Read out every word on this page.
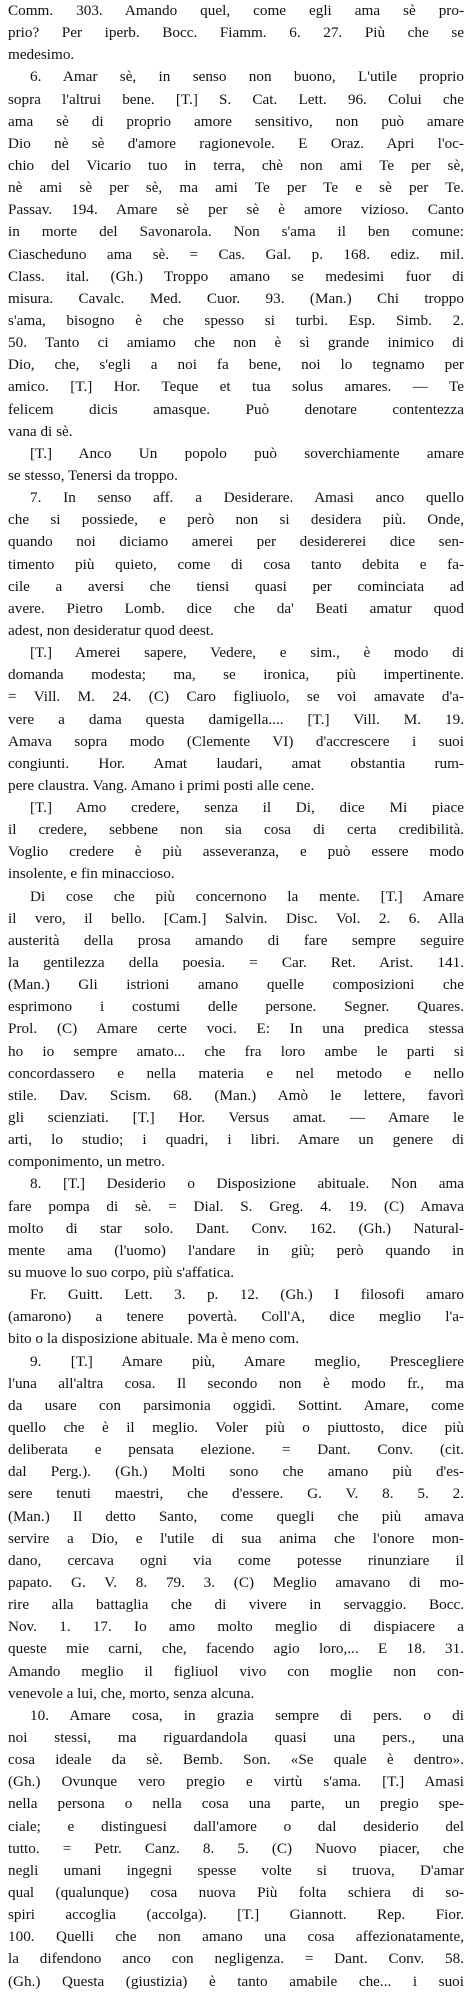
Comm. 303. Amando quel, come egli ama sè pro-
prio? Per iperb. Bocc. Fiamm. 6. 27. Più che se
medesimo.
6. Amar sè, in senso non buono, L'utile proprio
sopra l'altrui bene. [T.] S. Cat. Lett. 96. Colui che
ama sè di proprio amore sensitivo, non può amare
Dio nè sè d'amore ragionevole. E Oraz. Apri l'oc-
chio del Vicario tuo in terra, chè non ami Te per sè,
nè ami sè per sè, ma ami Te per Te e sè per Te.
Passav. 194. Amare sè per sè è amore vizioso. Canto
in morte del Savonarola. Non s'ama il ben comune:
Ciascheduno ama sè. = Cas. Gal. p. 168. ediz. mil.
Class. ital. (Gh.) Troppo amano se medesimi fuor di
misura. Cavalc. Med. Cuor. 93. (Man.) Chi troppo
s'ama, bisogno è che spesso si turbi. Esp. Simb. 2.
50. Tanto ci amiamo che non è sì grande inimico di
Dio, che, s'egli a noi fa bene, noi lo tegnamo per
amico. [T.] Hor. Teque et tua solus amares. — Te
felicem dicis amasque. Può denotare contentezza
vana di sè.
[T.] Anco Un popolo può soverchiamente amare
se stesso, Tenersi da troppo.
7. In senso aff. a Desiderare. Amasi anco quello
che si possiede, e però non si desidera più. Onde,
quando noi diciamo amerei per desidererei dice sen-
timento più quieto, come di cosa tanto debita e fa-
cile a aversi che tiensi quasi per cominciata ad
avere. Pietro Lomb. dice che da' Beati amatur quod
adest, non desideratur quod deest.
[T.] Amerei sapere, Vedere, e sim., è modo di
domanda modesta; ma, se ironica, più impertinente.
= Vill. M. 24. (C) Caro figliuolo, se voi amavate d'a-
vere a dama questa damigella.... [T.] Vill. M. 19.
Amava sopra modo (Clemente VI) d'accrescere i suoi
congiunti. Hor. Amat laudari, amat obstantia rum-
pere claustra. Vang. Amano i primi posti alle cene.
[T.] Amo credere, senza il Di, dice Mi piace
il credere, sebbene non sia cosa di certa credibilità.
Voglio credere è più asseveranza, e può essere modo
insolente, e fin minaccioso.
Di cose che più concernono la mente. [T.] Amare
il vero, il bello. [Cam.] Salvin. Disc. Vol. 2. 6. Alla
austerità della prosa amando di fare sempre seguire
la gentilezza della poesia. = Car. Ret. Arist. 141.
(Man.) Gli istrioni amano quelle composizioni che
esprimono i costumi delle persone. Segner. Quares.
Prol. (C) Amare certe voci. E: In una predica stessa
ho io sempre amato... che fra loro ambe le parti si
concordassero e nella materia e nel metodo e nello
stile. Dav. Scism. 68. (Man.) Amò le lettere, favorì
gli scienziati. [T.] Hor. Versus amat. — Amare le
arti, lo studio; i quadri, i libri. Amare un genere di
componimento, un metro.
8. [T.] Desiderio o Disposizione abituale. Non ama
fare pompa di sè. = Dial. S. Greg. 4. 19. (C) Amava
molto di star solo. Dant. Conv. 162. (Gh.) Natural-
mente ama (l'uomo) l'andare in giù; però quando in
su muove lo suo corpo, più s'affatica.
Fr. Guitt. Lett. 3. p. 12. (Gh.) I filosofi amaro
(amarono) a tenere povertà. Coll'A, dice meglio l'a-
bito o la disposizione abituale. Ma è meno com.
9. [T.] Amare più, Amare meglio, Prescegliere
l'una all'altra cosa. Il secondo non è modo fr., ma
da usare con parsimonia oggidì. Sottint. Amare, come
quello che è il meglio. Voler più o piuttosto, dice più
deliberata e pensata elezione. = Dant. Conv. (cit.
dal Perg.). (Gh.) Molti sono che amano più d'es-
sere tenuti maestri, che d'essere. G. V. 8. 5. 2.
(Man.) Il detto Santo, come quegli che più amava
servire a Dio, e l'utile di sua anima che l'onore mon-
dano, cercava ogni via come potesse rinunziare il
papato. G. V. 8. 79. 3. (C) Meglio amavano di mo-
rire alla battaglia che di vivere in servaggio. Bocc.
Nov. 1. 17. Io amo molto meglio di dispiacere a
queste mie carni, che, facendo agio loro,... E 18. 31.
Amando meglio il figliuol vivo con moglie non con-
venevole a lui, che, morto, senza alcuna.
10. Amare cosa, in grazia sempre di pers. o di
noi stessi, ma riguardandola quasi una pers., una
cosa ideale da sè. Bemb. Son. «Se quale è dentro».
(Gh.) Ovunque vero pregio e virtù s'ama. [T.] Amasi
nella persona o nella cosa una parte, un pregio spe-
ciale; e distinguesi dall'amore o dal desiderio del
tutto. = Petr. Canz. 8. 5. (C) Nuovo piacer, che
negli umani ingegni spesse volte si truova, D'amar
qual (qualunque) cosa nuova Più folta schiera di so-
spiri accoglia (accolga). [T.] Giannott. Rep. Fior.
100. Quelli che non amano una cosa affezionatamente,
la difendono anco con negligenza. = Dant. Conv. 58.
(Gh.) Questa (giustizia) è tanto amabile che... i suoi
